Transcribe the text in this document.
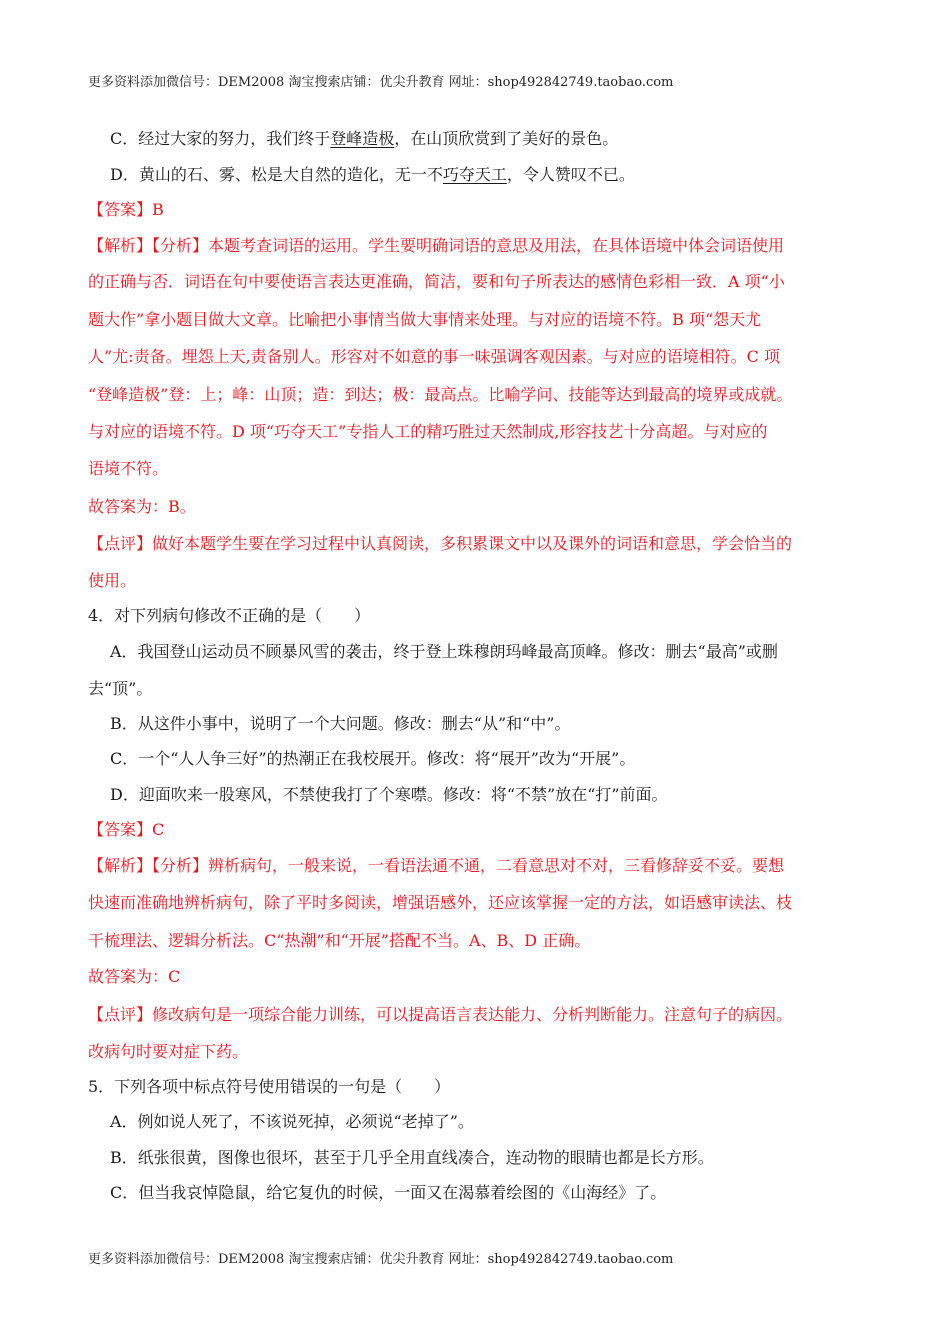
更多资料添加微信号：DEM2008 淘宝搜索店铺：优尖升教育 网址：shop492842749.taobao.com
C．经过大家的努力，我们终于登峰造极，在山顶欣赏到了美好的景色。
D．黄山的石、雾、松是大自然的造化，无一不巧夺天工，令人赞叹不已。
【答案】B
【解析】【分析】本题考查词语的运用。学生要明确词语的意思及用法，在具体语境中体会词语使用
的正确与否．词语在句中要使语言表达更准确，简洁，要和句子所表达的感情色彩相一致．A 项“小
题大作”拿小题目做大文章。比喻把小事情当做大事情来处理。与对应的语境不符。B 项“怨天尤
人”尤:责备。埋怨上天,责备别人。形容对不如意的事一味强调客观因素。与对应的语境相符。C 项
“登峰造极”登：上；峰：山顶；造：到达；极：最高点。比喻学问、技能等达到最高的境界或成就。
与对应的语境不符。D 项“巧夺天工”专指人工的精巧胜过天然制成,形容技艺十分高超。与对应的
语境不符。
故答案为：B。
【点评】做好本题学生要在学习过程中认真阅读，多积累课文中以及课外的词语和意思，学会恰当的
使用。
4．对下列病句修改不正确的是（　　）
A．我国登山运动员不顾暴风雪的袭击，终于登上珠穆朗玛峰最高顶峰。修改：删去“最高”或删
去“顶”。
B．从这件小事中，说明了一个大问题。修改：删去“从”和“中”。
C．一个“人人争三好”的热潮正在我校展开。修改：将“展开”改为“开展”。
D．迎面吹来一股寒风，不禁使我打了个寒噤。修改：将“不禁”放在“打”前面。
【答案】C
【解析】【分析】辨析病句，一般来说，一看语法通不通，二看意思对不对，三看修辞妥不妥。要想
快速而准确地辨析病句，除了平时多阅读，增强语感外，还应该掌握一定的方法，如语感审读法、枝
干梳理法、逻辑分析法。C“热潮”和“开展”搭配不当。A、B、D 正确。
故答案为：C
【点评】修改病句是一项综合能力训练，可以提高语言表达能力、分析判断能力。注意句子的病因。
改病句时要对症下药。
5．下列各项中标点符号使用错误的一句是（　　）
A．例如说人死了，不该说死掉，必须说“老掉了”。
B．纸张很黄，图像也很坏，甚至于几乎全用直线凑合，连动物的眼睛也都是长方形。
C．但当我哀悼隐鼠，给它复仇的时候，一面又在渴慕着绘图的《山海经》了。
更多资料添加微信号：DEM2008 淘宝搜索店铺：优尖升教育 网址：shop492842749.taobao.com
